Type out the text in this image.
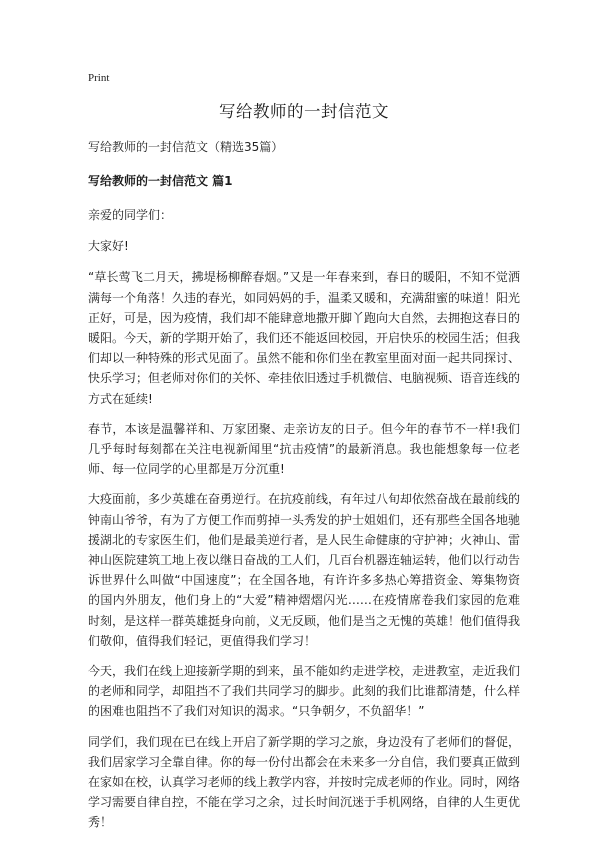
Print
写给教师的一封信范文

写给教师的一封信范文（精选35篇）

写给教师的一封信范文 篇1

亲爱的同学们：

大家好!

“草长莺飞二月天，拂堤杨柳醉春烟。”又是一年春来到，春日的暖阳，不知不觉洒满每一个角落！久违的春光，如同妈妈的手，温柔又暖和，充满甜蜜的味道！阳光正好，可是，因为疫情，我们却不能肆意地撒开脚丫跑向大自然，去拥抱这春日的暖阳。今天，新的学期开始了，我们还不能返回校园，开启快乐的校园生活；但我们却以一种特殊的形式见面了。虽然不能和你们坐在教室里面对面一起共同探讨、快乐学习；但老师对你们的关怀、牵挂依旧透过手机微信、电脑视频、语音连线的方式在延续!

春节，本该是温馨祥和、万家团聚、走亲访友的日子。但今年的春节不一样!我们几乎每时每刻都在关注电视新闻里“抗击疫情”的最新消息。我也能想象每一位老师、每一位同学的心里都是万分沉重!

大疫面前，多少英雄在奋勇逆行。在抗疫前线，有年过八旬却依然奋战在最前线的钟南山爷爷，有为了方便工作而剪掉一头秀发的护士姐姐们，还有那些全国各地驰援湖北的专家医生们，他们是最美逆行者，是人民生命健康的守护神；火神山、雷神山医院建筑工地上夜以继日奋战的工人们，几百台机器连轴运转，他们以行动告诉世界什么叫做“中国速度”；在全国各地，有许许多多热心筹措资金、筹集物资的国内外朋友，他们身上的“大爱”精神熠熠闪光……在疫情席卷我们家园的危难时刻，是这样一群英雄挺身向前，义无反顾，他们是当之无愧的英雄！他们值得我们敬仰，值得我们轻记，更值得我们学习！

今天，我们在线上迎接新学期的到来，虽不能如约走进学校，走进教室，走近我们的老师和同学，却阻挡不了我们共同学习的脚步。此刻的我们比谁都清楚，什么样的困难也阻挡不了我们对知识的渴求。“只争朝夕，不负韶华！”

同学们，我们现在已在线上开启了新学期的学习之旅，身边没有了老师们的督促，我们居家学习全靠自律。你的每一份付出都会在未来多一分自信，我们要真正做到在家如在校，认真学习老师的线上教学内容，并按时完成老师的作业。同时，网络学习需要自律自控，不能在学习之余，过长时间沉迷于手机网络，自律的人生更优秀！
